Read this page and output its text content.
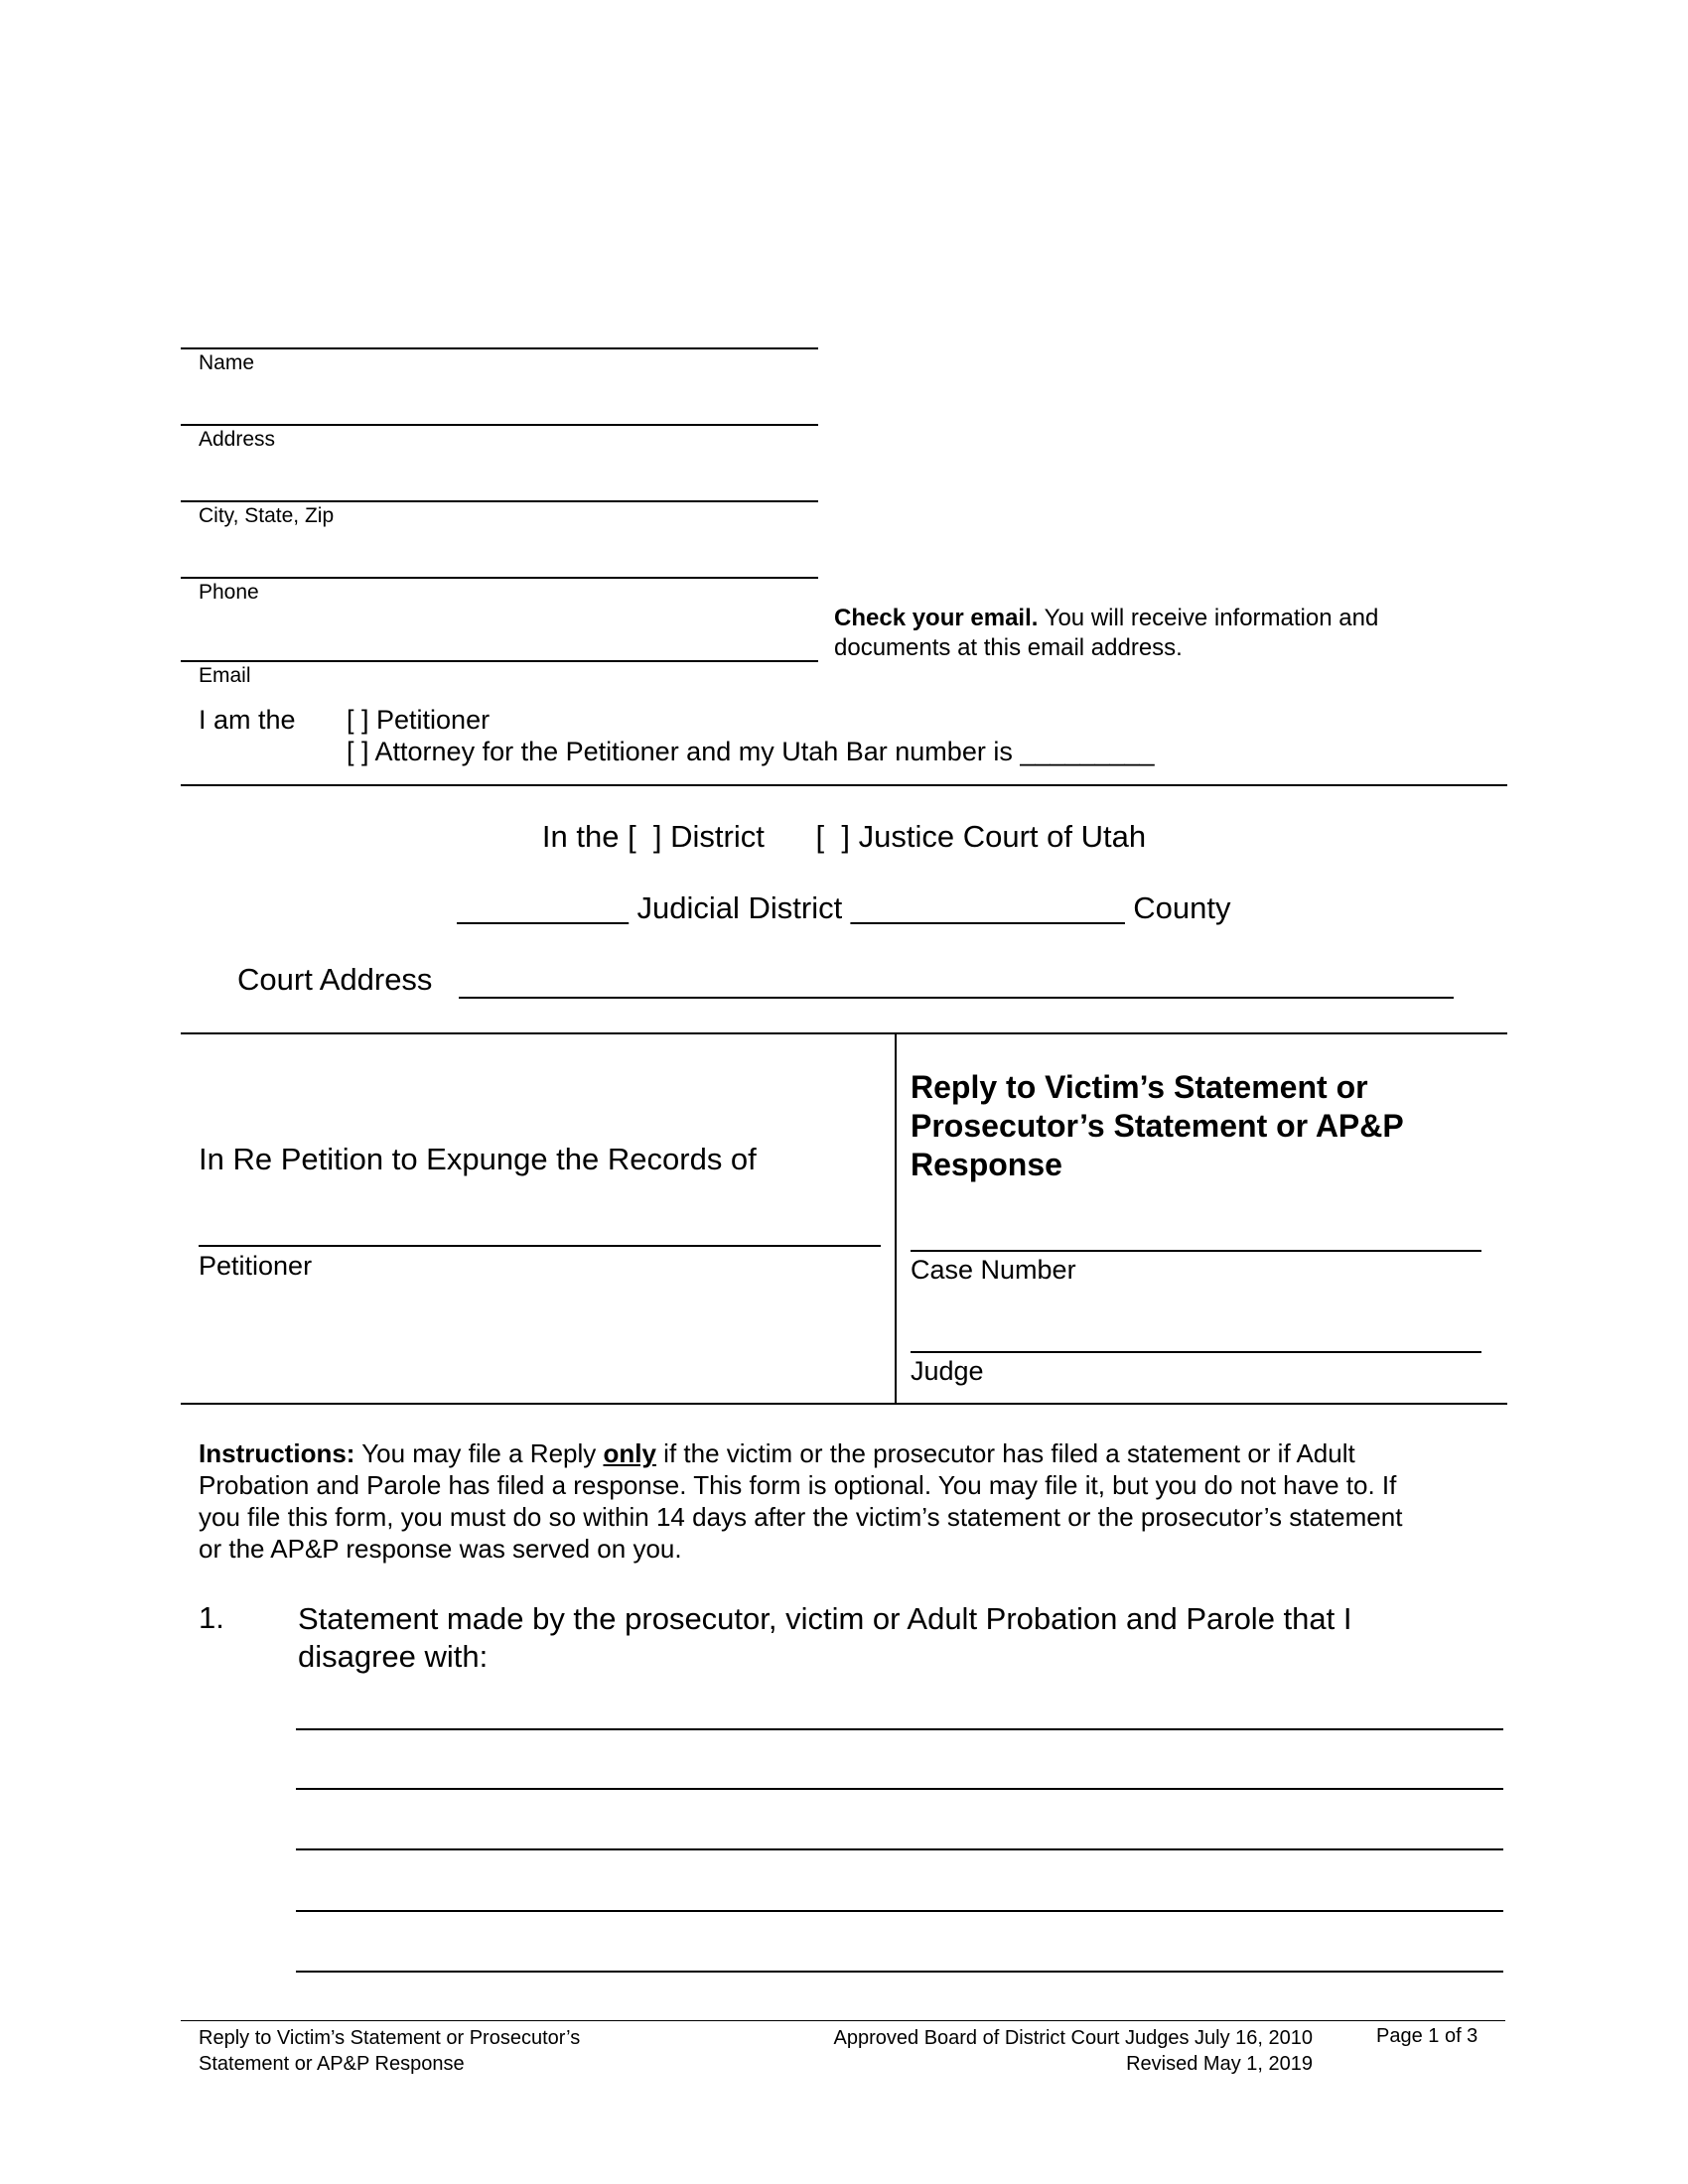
Name
Address
City, State, Zip
Phone
Check your email. You will receive information and
documents at this email address.
Email
I am the [ ] Petitioner
[ ] Attorney for the Petitioner and my Utah Bar number is _________
In the [  ] District      [  ] Justice Court of Utah
__________ Judicial District ________________ County
Court Address
In Re Petition to Expunge the Records of
Petitioner
Reply to Victim’s Statement or
Prosecutor’s Statement or AP&P
Response
Case Number
Judge
Instructions: You may file a Reply only if the victim or the prosecutor has filed a statement or if Adult
Probation and Parole has filed a response. This form is optional. You may file it, but you do not have to. If
you file this form, you must do so within 14 days after the victim’s statement or the prosecutor’s statement
or the AP&P response was served on you.
1. Statement made by the prosecutor, victim or Adult Probation and Parole that I
disagree with:
Reply to Victim’s Statement or Prosecutor’s
Statement or AP&P Response
Approved Board of District Court Judges July 16, 2010
Revised May 1, 2019
Page 1 of 3
